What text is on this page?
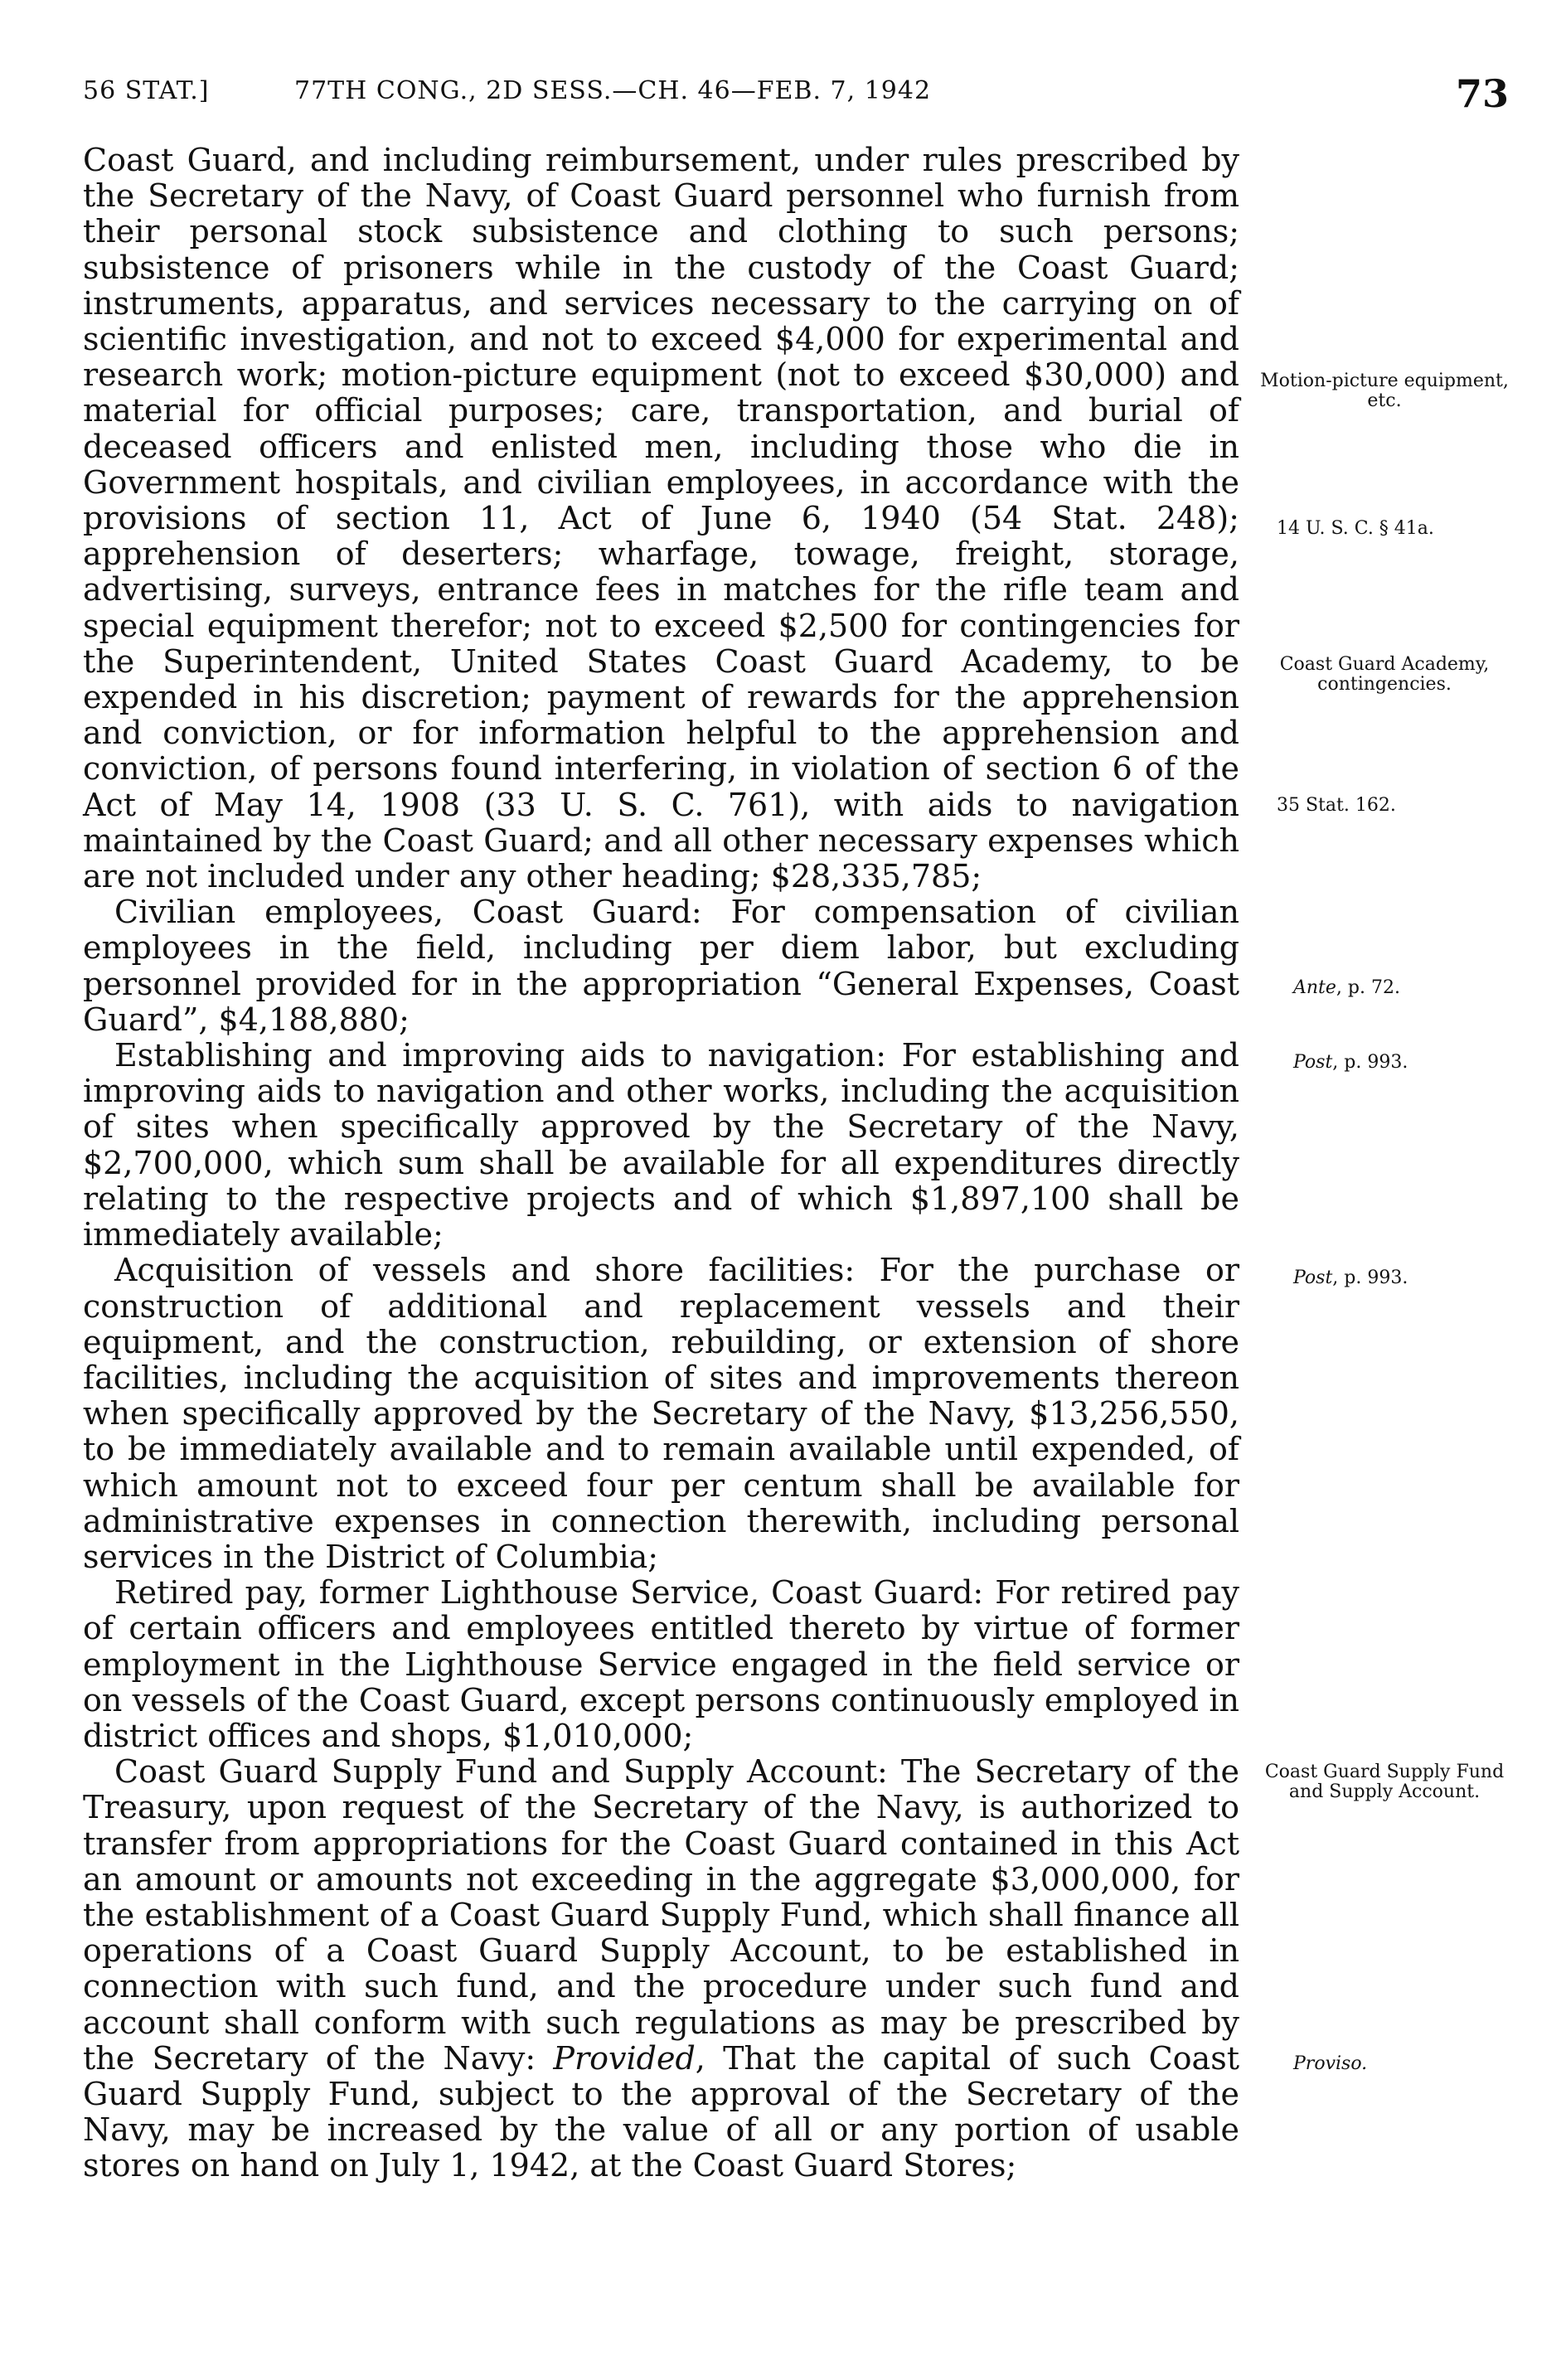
56 STAT.]	77TH CONG., 2D SESS.—CH. 46—FEB. 7, 1942	73

Coast Guard, and including reimbursement, under rules prescribed by the Secretary of the Navy, of Coast Guard personnel who furnish from their personal stock subsistence and clothing to such persons; subsistence of prisoners while in the custody of the Coast Guard; instruments, apparatus, and services necessary to the carrying on of scientific investigation, and not to exceed $4,000 for experimental and research work; motion-picture equipment (not to exceed $30,000) and material for official purposes; care, transportation, and burial of deceased officers and enlisted men, including those who die in Government hospitals, and civilian employees, in accordance with the provisions of section 11, Act of June 6, 1940 (54 Stat. 248); apprehension of deserters; wharfage, towage, freight, storage, advertising, surveys, entrance fees in matches for the rifle team and special equipment therefor; not to exceed $2,500 for contingencies for the Superintendent, United States Coast Guard Academy, to be expended in his discretion; payment of rewards for the apprehension and conviction, or for information helpful to the apprehension and conviction, of persons found interfering, in violation of section 6 of the Act of May 14, 1908 (33 U. S. C. 761), with aids to navigation maintained by the Coast Guard; and all other necessary expenses which are not included under any other heading; $28,335,785;

Civilian employees, Coast Guard: For compensation of civilian employees in the field, including per diem labor, but excluding personnel provided for in the appropriation “General Expenses, Coast Guard”, $4,188,880;

Establishing and improving aids to navigation: For establishing and improving aids to navigation and other works, including the acquisition of sites when specifically approved by the Secretary of the Navy, $2,700,000, which sum shall be available for all expenditures directly relating to the respective projects and of which $1,897,100 shall be immediately available;

Acquisition of vessels and shore facilities: For the purchase or construction of additional and replacement vessels and their equipment, and the construction, rebuilding, or extension of shore facilities, including the acquisition of sites and improvements thereon when specifically approved by the Secretary of the Navy, $13,256,550, to be immediately available and to remain available until expended, of which amount not to exceed four per centum shall be available for administrative expenses in connection therewith, including personal services in the District of Columbia;

Retired pay, former Lighthouse Service, Coast Guard: For retired pay of certain officers and employees entitled thereto by virtue of former employment in the Lighthouse Service engaged in the field service or on vessels of the Coast Guard, except persons continuously employed in district offices and shops, $1,010,000;

Coast Guard Supply Fund and Supply Account: The Secretary of the Treasury, upon request of the Secretary of the Navy, is authorized to transfer from appropriations for the Coast Guard contained in this Act an amount or amounts not exceeding in the aggregate $3,000,000, for the establishment of a Coast Guard Supply Fund, which shall finance all operations of a Coast Guard Supply Account, to be established in connection with such fund, and the procedure under such fund and account shall conform with such regulations as may be prescribed by the Secretary of the Navy: Provided, That the capital of such Coast Guard Supply Fund, subject to the approval of the Secretary of the Navy, may be increased by the value of all or any portion of usable stores on hand on July 1, 1942, at the Coast Guard Stores;

Motion-picture equipment, etc.
14 U. S. C. § 41a.
Coast Guard Academy, contingencies.
35 Stat. 162.
Ante, p. 72.
Post, p. 993.
Post, p. 993.
Coast Guard Supply Fund and Supply Account.
Proviso.
